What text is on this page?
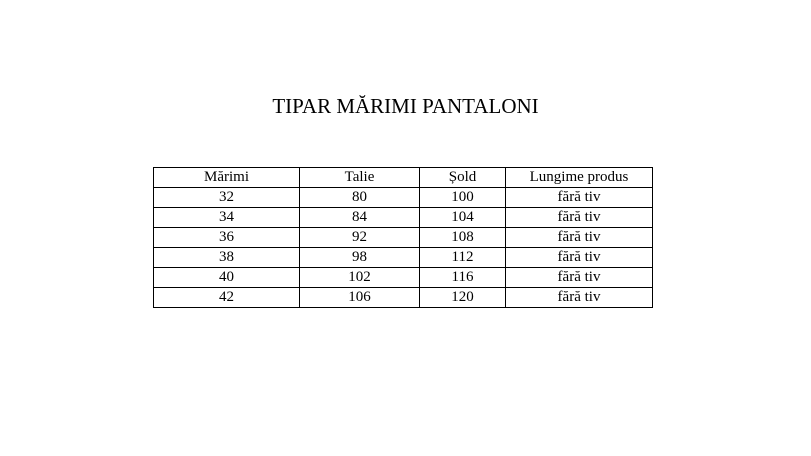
TIPAR MĂRIMI PANTALONI
Mărimi	Talie	Șold	Lungime produs
32	80	100	fără tiv
34	84	104	fără tiv
36	92	108	fără tiv
38	98	112	fără tiv
40	102	116	fără tiv
42	106	120	fără tiv
